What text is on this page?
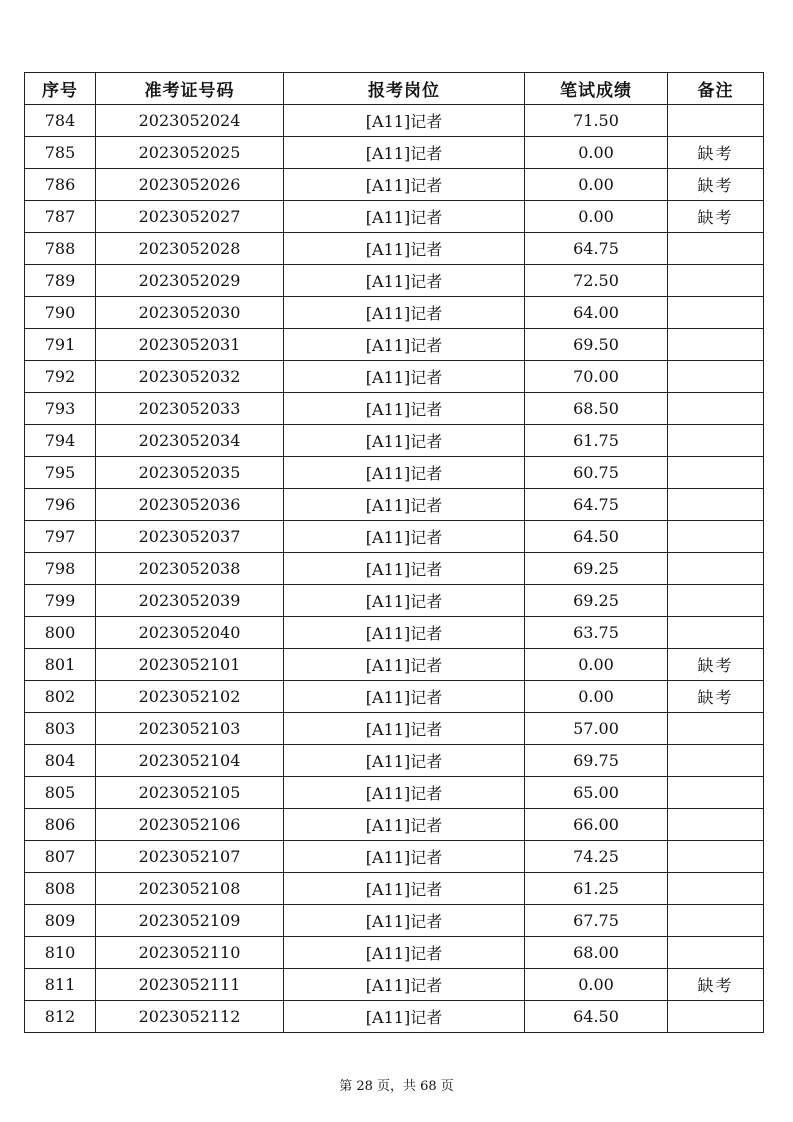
序号	准考证号码	报考岗位	笔试成绩	备注
784	2023052024	[A11]记者	71.50	
785	2023052025	[A11]记者	0.00	缺考
786	2023052026	[A11]记者	0.00	缺考
787	2023052027	[A11]记者	0.00	缺考
788	2023052028	[A11]记者	64.75	
789	2023052029	[A11]记者	72.50	
790	2023052030	[A11]记者	64.00	
791	2023052031	[A11]记者	69.50	
792	2023052032	[A11]记者	70.00	
793	2023052033	[A11]记者	68.50	
794	2023052034	[A11]记者	61.75	
795	2023052035	[A11]记者	60.75	
796	2023052036	[A11]记者	64.75	
797	2023052037	[A11]记者	64.50	
798	2023052038	[A11]记者	69.25	
799	2023052039	[A11]记者	69.25	
800	2023052040	[A11]记者	63.75	
801	2023052101	[A11]记者	0.00	缺考
802	2023052102	[A11]记者	0.00	缺考
803	2023052103	[A11]记者	57.00	
804	2023052104	[A11]记者	69.75	
805	2023052105	[A11]记者	65.00	
806	2023052106	[A11]记者	66.00	
807	2023052107	[A11]记者	74.25	
808	2023052108	[A11]记者	61.25	
809	2023052109	[A11]记者	67.75	
810	2023052110	[A11]记者	68.00	
811	2023052111	[A11]记者	0.00	缺考
812	2023052112	[A11]记者	64.50	
第 28 页，共 68 页
